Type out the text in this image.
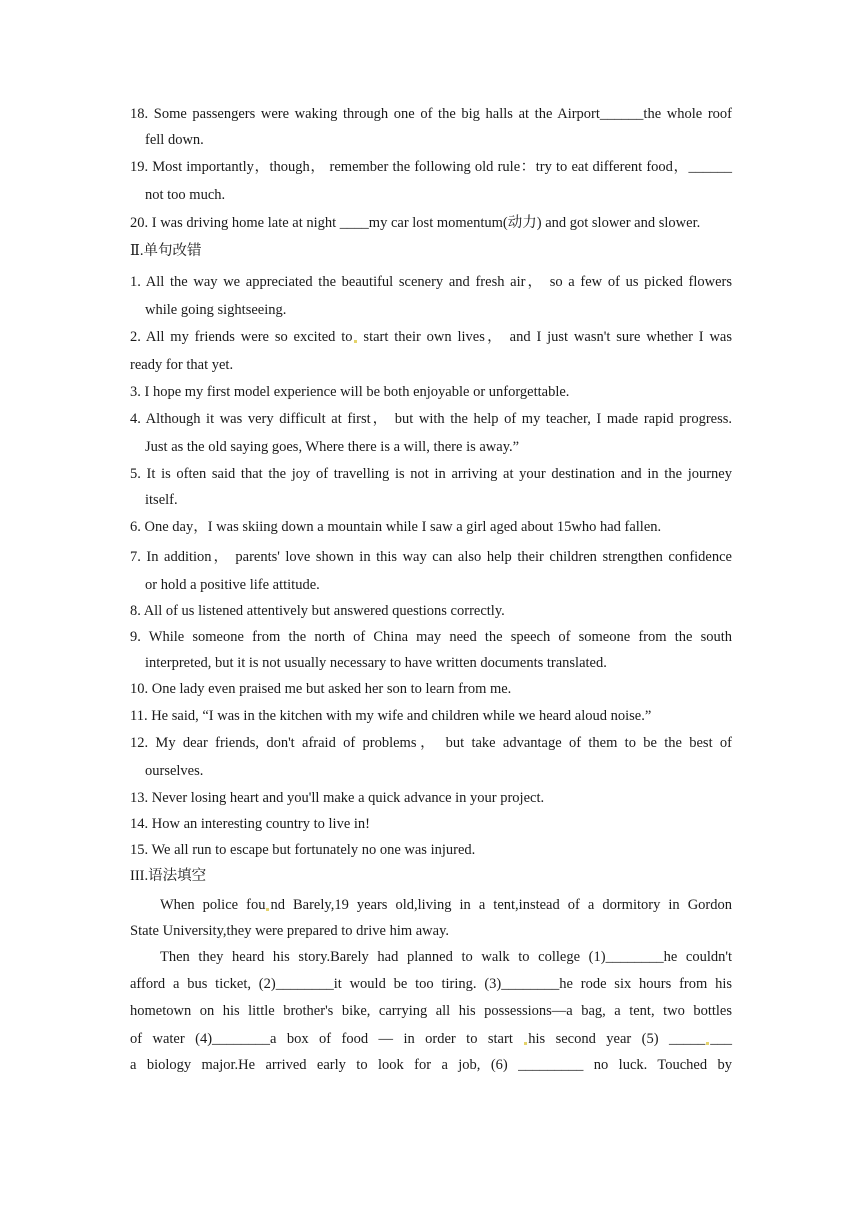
18. Some passengers were waking through one of the big halls at the Airport______the whole roof
fell down.
19. Most importantly，though， remember the following old rule：try to eat different food，______
not too much.
20. I was driving home late at night ____my car lost momentum(动力) and got slower and slower.
Ⅱ.单句改错
1. All the way we appreciated the beautiful scenery and fresh air， so a few of us picked flowers
while going sightseeing.
2. All my friends were so excited to start their own lives， and I just wasn't sure whether I was
ready for that yet.
3. I hope my first model experience will be both enjoyable or unforgettable.
4. Although it was very difficult at first， but with the help of my teacher, I made rapid progress.
Just as the old saying goes, Where there is a will, there is away.”
5. It is often said that the joy of travelling is not in arriving at your destination and in the journey
itself.
6. One day，I was skiing down a mountain while I saw a girl aged about 15who had fallen.
7. In addition， parents' love shown in this way can also help their children strengthen confidence
or hold a positive life attitude.
8. All of us listened attentively but answered questions correctly.
9. While someone from the north of China may need the speech of someone from the south
interpreted, but it is not usually necessary to have written documents translated.
10. One lady even praised me but asked her son to learn from me.
11. He said, “I was in the kitchen with my wife and children while we heard aloud noise.”
12. My dear friends, don't afraid of problems， but take advantage of them to be the best of
ourselves.
13. Never losing heart and you'll make a quick advance in your project.
14. How an interesting country to live in!
15. We all run to escape but fortunately no one was injured.
III.语法填空
When police fou nd Barely,19 years old,living in a tent,instead of a dormitory in Gordon
State University,they were prepared to drive him away.
Then they heard his story.Barely had planned to walk to college (1)________he couldn't
afford a bus ticket, (2)________it would be too tiring. (3)________he rode six hours from his
hometown on his little brother's bike, carrying all his possessions—a bag, a tent, two bottles
of water (4)________a box of food — in order to start his second year (5) _____ ___
a biology major.He arrived early to look for a job, (6) _________ no luck. Touched by
